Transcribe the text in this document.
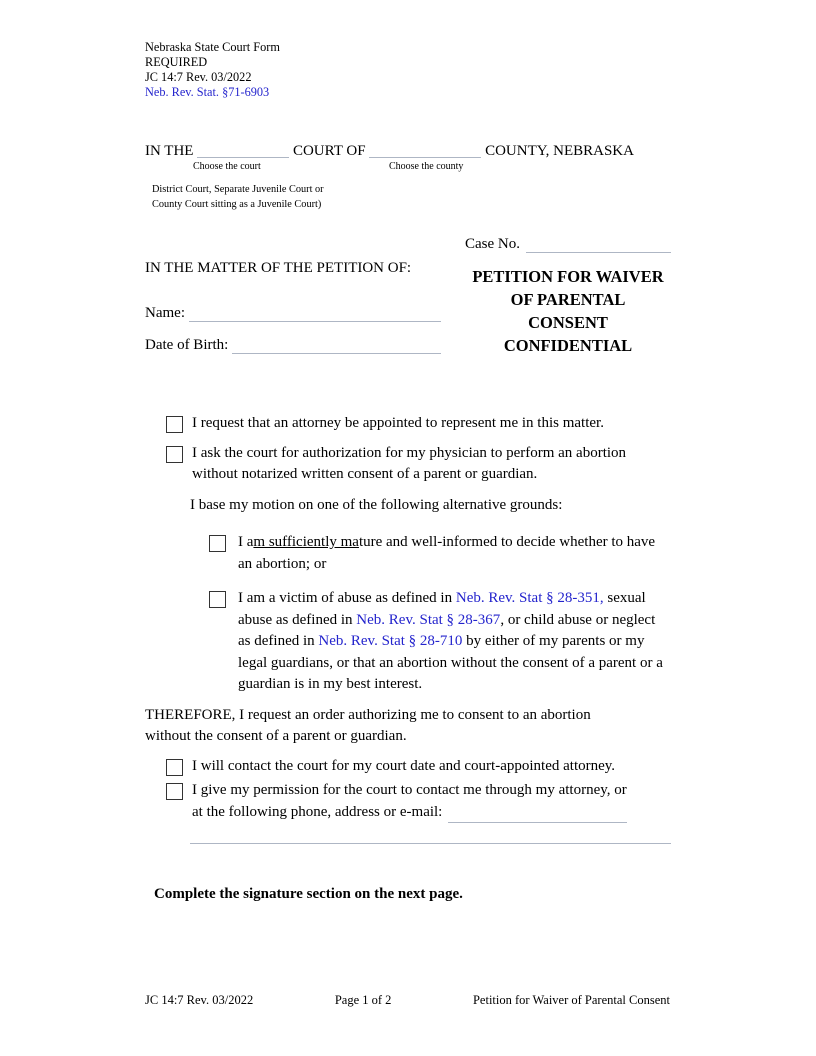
Nebraska State Court Form
REQUIRED
JC 14:7 Rev. 03/2022
Neb. Rev. Stat. §71-6903
IN THE	COURT OF	COUNTY, NEBRASKA
Choose the court	Choose the county
District Court, Separate Juvenile Court or
County Court sitting as a Juvenile Court)
IN THE MATTER OF THE PETITION OF:
Name:
Date of Birth:
Case No.
PETITION FOR WAIVER
OF PARENTAL
CONSENT
CONFIDENTIAL
I request that an attorney be appointed to represent me in this matter.
I ask the court for authorization for my physician to perform an abortion
without notarized written consent of a parent or guardian.
I base my motion on one of the following alternative grounds:
I am sufficiently mature and well-informed to decide whether to have an abortion; or
I am a victim of abuse as defined in Neb. Rev. Stat § 28-351, sexual abuse as defined in Neb. Rev. Stat § 28-367, or child abuse or neglect as defined in Neb. Rev. Stat § 28-710 by either of my parents or my legal guardians, or that an abortion without the consent of a parent or a guardian is in my best interest.
THEREFORE, I request an order authorizing me to consent to an abortion
without the consent of a parent or guardian.
I will contact the court for my court date and court-appointed attorney.
I give my permission for the court to contact me through my attorney, or
at the following phone, address or e-mail:
Complete the signature section on the next page.
JC 14:7 Rev. 03/2022	Page 1 of 2	Petition for Waiver of Parental Consent
